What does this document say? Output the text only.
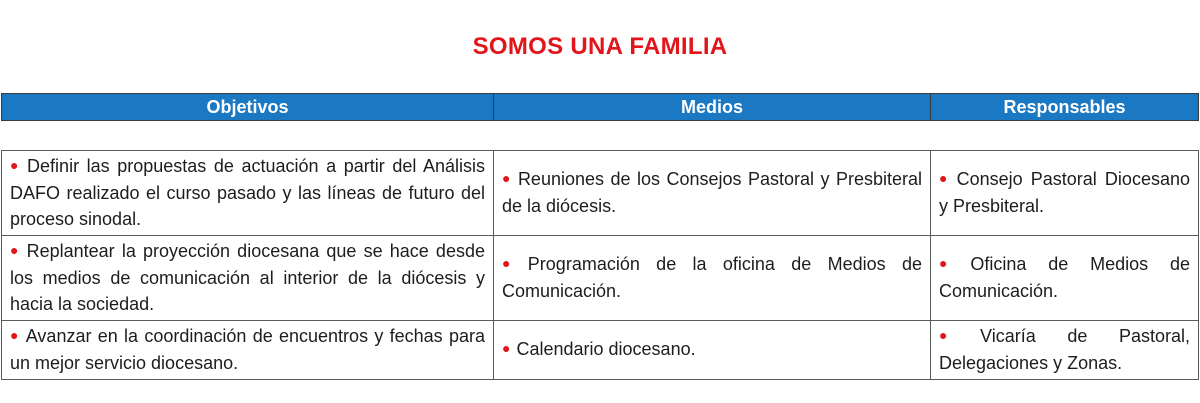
SOMOS UNA FAMILIA
Objetivos	Medios	Responsables
● Definir las propuestas de actuación a partir del Análisis DAFO realizado el curso pasado y las líneas de futuro del proceso sinodal.	● Reuniones de los Consejos Pastoral y Presbiteral de la diócesis.	● Consejo Pastoral Diocesano y Presbiteral.
● Replantear la proyección diocesana que se hace desde los medios de comunicación al interior de la diócesis y hacia la sociedad.	● Programación de la oficina de Medios de Comunicación.	● Oficina de Medios de Comunicación.
● Avanzar en la coordinación de encuentros y fechas para un mejor servicio diocesano.	● Calendario diocesano.	● Vicaría de Pastoral, Delegaciones y Zonas.
